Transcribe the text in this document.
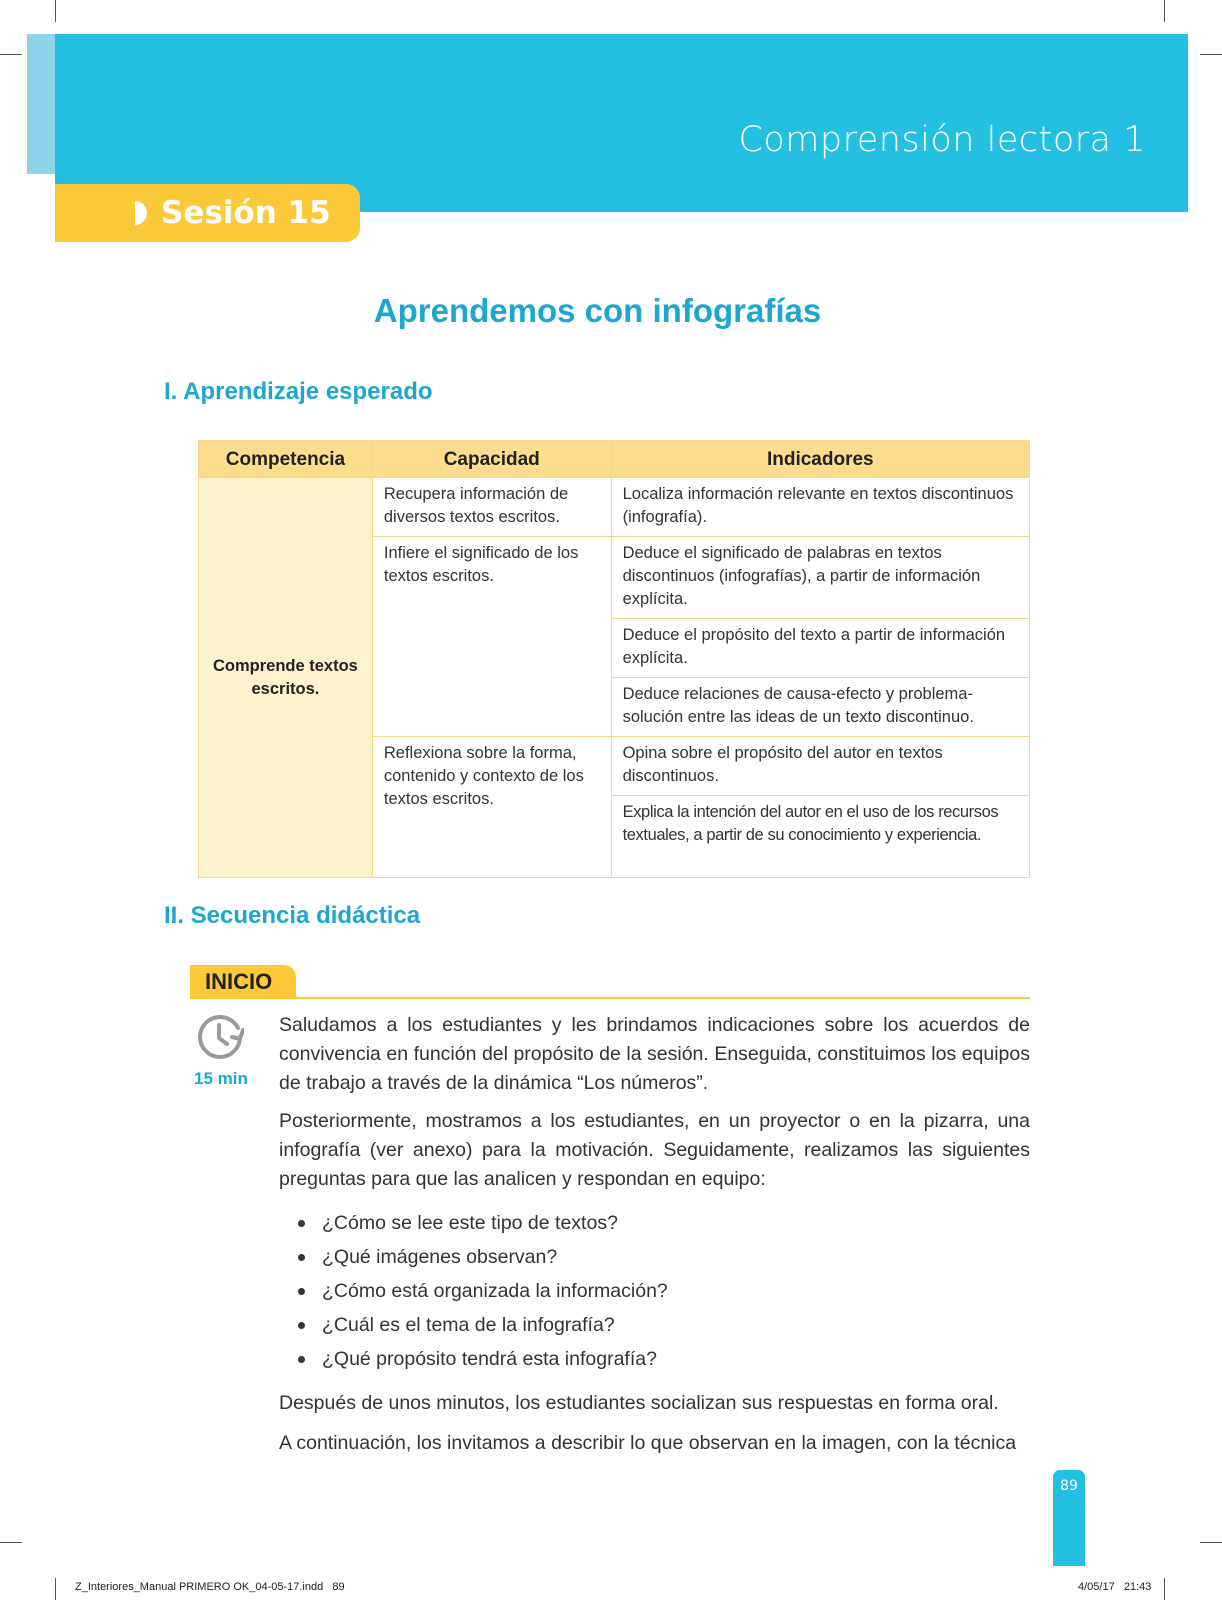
Comprensión lectora 1
Sesión 15
Aprendemos con infografías
I. Aprendizaje esperado
Competencia	Capacidad	Indicadores
Comprende textos escritos.	Recupera información de diversos textos escritos.	Localiza información relevante en textos discontinuos (infografía).
	Infiere el significado de los textos escritos.	Deduce el significado de palabras en textos discontinuos (infografías), a partir de información explícita.
		Deduce el propósito del texto a partir de información explícita.
		Deduce relaciones de causa-efecto y problema-solución entre las ideas de un texto discontinuo.
	Reflexiona sobre la forma, contenido y contexto de los textos escritos.	Opina sobre el propósito del autor en textos discontinuos.
		Explica la intención del autor en el uso de los recursos textuales, a partir de su conocimiento y experiencia.
II. Secuencia didáctica
INICIO
15 min
Saludamos a los estudiantes y les brindamos indicaciones sobre los acuerdos de convivencia en función del propósito de la sesión. Enseguida, constituimos los equipos de trabajo a través de la dinámica “Los números”.
Posteriormente, mostramos a los estudiantes, en un proyector o en la pizarra, una infografía (ver anexo) para la motivación. Seguidamente, realizamos las siguientes preguntas para que las analicen y respondan en equipo:
¿Cómo se lee este tipo de textos?
¿Qué imágenes observan?
¿Cómo está organizada la información?
¿Cuál es el tema de la infografía?
¿Qué propósito tendrá esta infografía?
Después de unos minutos, los estudiantes socializan sus respuestas en forma oral.
A continuación, los invitamos a describir lo que observan en la imagen, con la técnica
89
Z_Interiores_Manual PRIMERO OK_04-05-17.indd   89	4/05/17   21:43
